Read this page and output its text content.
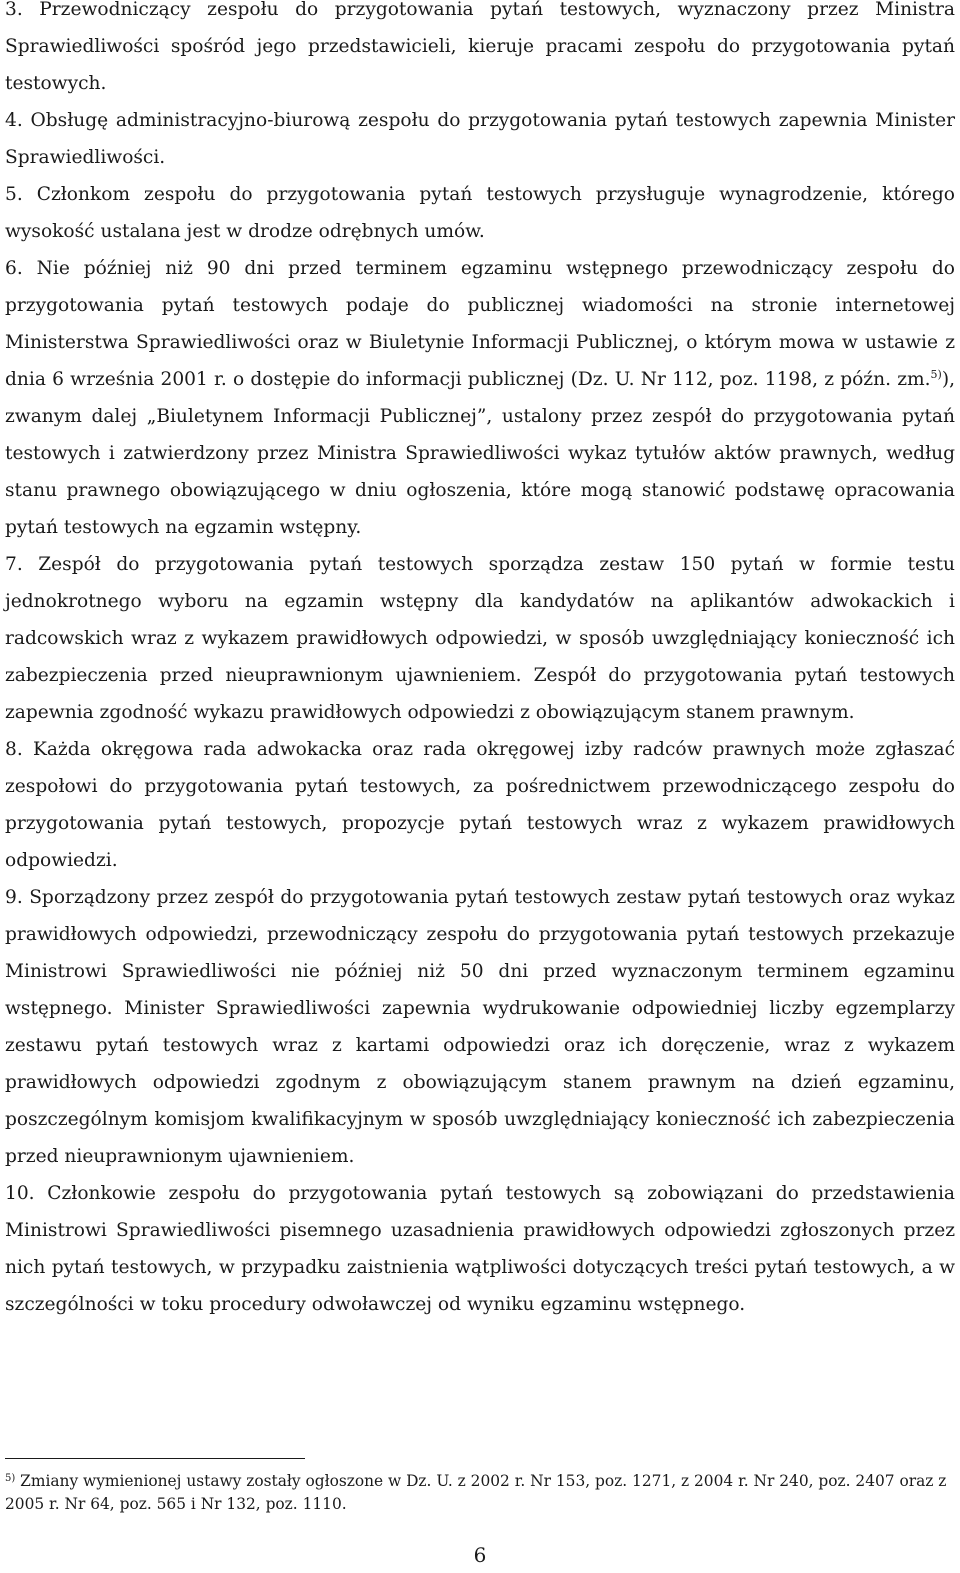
3. Przewodniczący zespołu do przygotowania pytań testowych, wyznaczony przez Ministra Sprawiedliwości spośród jego przedstawicieli, kieruje pracami zespołu do przygotowania pytań testowych.

4. Obsługę administracyjno-biurową zespołu do przygotowania pytań testowych zapewnia Minister Sprawiedliwości.

5. Członkom zespołu do przygotowania pytań testowych przysługuje wynagrodzenie, którego wysokość ustalana jest w drodze odrębnych umów.

6. Nie później niż 90 dni przed terminem egzaminu wstępnego przewodniczący zespołu do przygotowania pytań testowych podaje do publicznej wiadomości na stronie internetowej Ministerstwa Sprawiedliwości oraz w Biuletynie Informacji Publicznej, o którym mowa w ustawie z dnia 6 września 2001 r. o dostępie do informacji publicznej (Dz. U. Nr 112, poz. 1198, z późn. zm.$^{5)}$), zwanym dalej „Biuletynem Informacji Publicznej”, ustalony przez zespół do przygotowania pytań testowych i zatwierdzony przez Ministra Sprawiedliwości wykaz tytułów aktów prawnych, według stanu prawnego obowiązującego w dniu ogłoszenia, które mogą stanowić podstawę opracowania pytań testowych na egzamin wstępny.

7. Zespół do przygotowania pytań testowych sporządza zestaw 150 pytań w formie testu jednokrotnego wyboru na egzamin wstępny dla kandydatów na aplikantów adwokackich i radcowskich wraz z wykazem prawidłowych odpowiedzi, w sposób uwzględniający konieczność ich zabezpieczenia przed nieuprawnionym ujawnieniem. Zespół do przygotowania pytań testowych zapewnia zgodność wykazu prawidłowych odpowiedzi z obowiązującym stanem prawnym.

8. Każda okręgowa rada adwokacka oraz rada okręgowej izby radców prawnych może zgłaszać zespołowi do przygotowania pytań testowych, za pośrednictwem przewodniczącego zespołu do przygotowania pytań testowych, propozycje pytań testowych wraz z wykazem prawidłowych odpowiedzi.

9. Sporządzony przez zespół do przygotowania pytań testowych zestaw pytań testowych oraz wykaz prawidłowych odpowiedzi, przewodniczący zespołu do przygotowania pytań testowych przekazuje Ministrowi Sprawiedliwości nie później niż 50 dni przed wyznaczonym terminem egzaminu wstępnego. Minister Sprawiedliwości zapewnia wydrukowanie odpowiedniej liczby egzemplarzy zestawu pytań testowych wraz z kartami odpowiedzi oraz ich doręczenie, wraz z wykazem prawidłowych odpowiedzi zgodnym z obowiązującym stanem prawnym na dzień egzaminu, poszczególnym komisjom kwalifikacyjnym w sposób uwzględniający konieczność ich zabezpieczenia przed nieuprawnionym ujawnieniem.

10. Członkowie zespołu do przygotowania pytań testowych są zobowiązani do przedstawienia Ministrowi Sprawiedliwości pisemnego uzasadnienia prawidłowych odpowiedzi zgłoszonych przez nich pytań testowych, w przypadku zaistnienia wątpliwości dotyczących treści pytań testowych, a w szczególności w toku procedury odwoławczej od wyniku egzaminu wstępnego.

$^{5)}$ Zmiany wymienionej ustawy zostały ogłoszone w Dz. U. z 2002 r. Nr 153, poz. 1271, z 2004 r. Nr 240, poz. 2407 oraz z 2005 r. Nr 64, poz. 565 i Nr 132, poz. 1110.
6
